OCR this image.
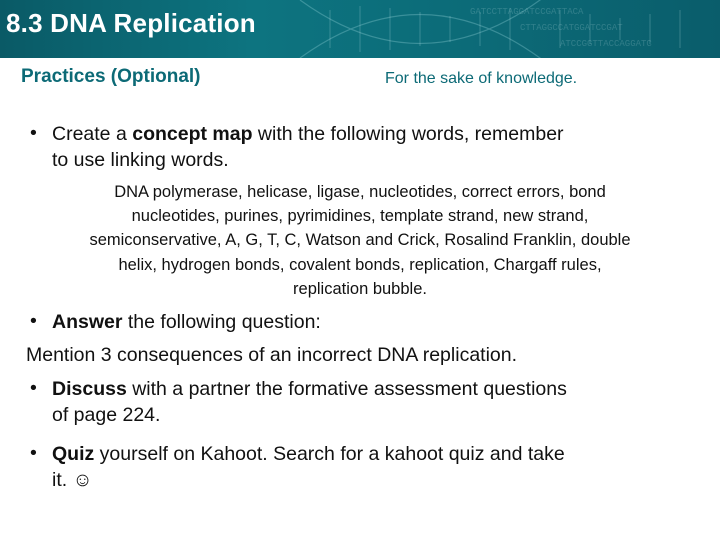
GATCCTTAGGATCCGATTACA
CTTAGGCCATGGATCCGAT
ATCCGGTTACCAGGATC
8.3 DNA Replication
Practices (Optional)	For the sake of knowledge.
• Create a concept map with the following words, remember
to use linking words.
DNA polymerase, helicase, ligase, nucleotides, correct errors, bond
nucleotides, purines, pyrimidines, template strand, new strand,
semiconservative, A, G, T, C, Watson and Crick, Rosalind Franklin, double
helix, hydrogen bonds, covalent bonds, replication, Chargaff rules,
replication bubble.
• Answer the following question:
Mention 3 consequences of an incorrect DNA replication.
• Discuss with a partner the formative assessment questions
of page 224.
• Quiz yourself on Kahoot. Search for a kahoot quiz and take
it. ☺
